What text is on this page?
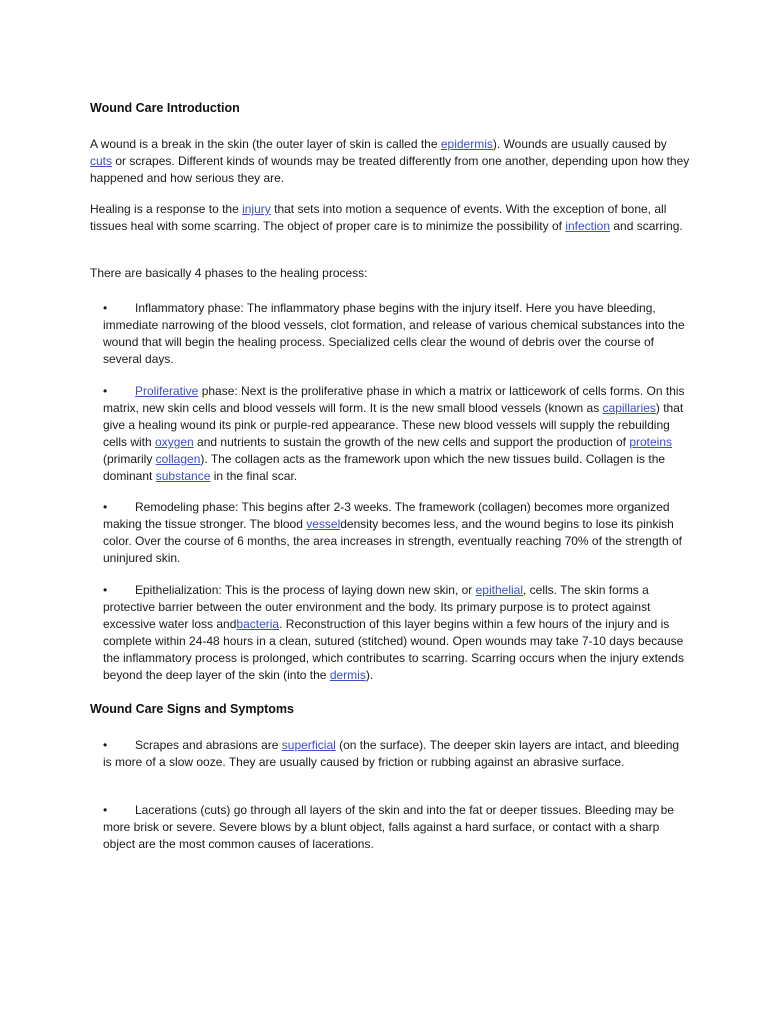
Wound Care Introduction

A wound is a break in the skin (the outer layer of skin is called the epidermis). Wounds are usually caused by cuts or scrapes. Different kinds of wounds may be treated differently from one another, depending upon how they happened and how serious they are.

Healing is a response to the injury that sets into motion a sequence of events. With the exception of bone, all tissues heal with some scarring. The object of proper care is to minimize the possibility of infection and scarring.

There are basically 4 phases to the healing process:

• Inflammatory phase: The inflammatory phase begins with the injury itself. Here you have bleeding, immediate narrowing of the blood vessels, clot formation, and release of various chemical substances into the wound that will begin the healing process. Specialized cells clear the wound of debris over the course of several days.

• Proliferative phase: Next is the proliferative phase in which a matrix or latticework of cells forms. On this matrix, new skin cells and blood vessels will form. It is the new small blood vessels (known as capillaries) that give a healing wound its pink or purple-red appearance. These new blood vessels will supply the rebuilding cells with oxygen and nutrients to sustain the growth of the new cells and support the production of proteins (primarily collagen). The collagen acts as the framework upon which the new tissues build. Collagen is the dominant substance in the final scar.

• Remodeling phase: This begins after 2-3 weeks. The framework (collagen) becomes more organized making the tissue stronger. The blood vesseldensity becomes less, and the wound begins to lose its pinkish color. Over the course of 6 months, the area increases in strength, eventually reaching 70% of the strength of uninjured skin.

• Epithelialization: This is the process of laying down new skin, or epithelial, cells. The skin forms a protective barrier between the outer environment and the body. Its primary purpose is to protect against excessive water loss andbacteria. Reconstruction of this layer begins within a few hours of the injury and is complete within 24-48 hours in a clean, sutured (stitched) wound. Open wounds may take 7-10 days because the inflammatory process is prolonged, which contributes to scarring. Scarring occurs when the injury extends beyond the deep layer of the skin (into the dermis).

Wound Care Signs and Symptoms

• Scrapes and abrasions are superficial (on the surface). The deeper skin layers are intact, and bleeding is more of a slow ooze. They are usually caused by friction or rubbing against an abrasive surface.

• Lacerations (cuts) go through all layers of the skin and into the fat or deeper tissues. Bleeding may be more brisk or severe. Severe blows by a blunt object, falls against a hard surface, or contact with a sharp object are the most common causes of lacerations.
